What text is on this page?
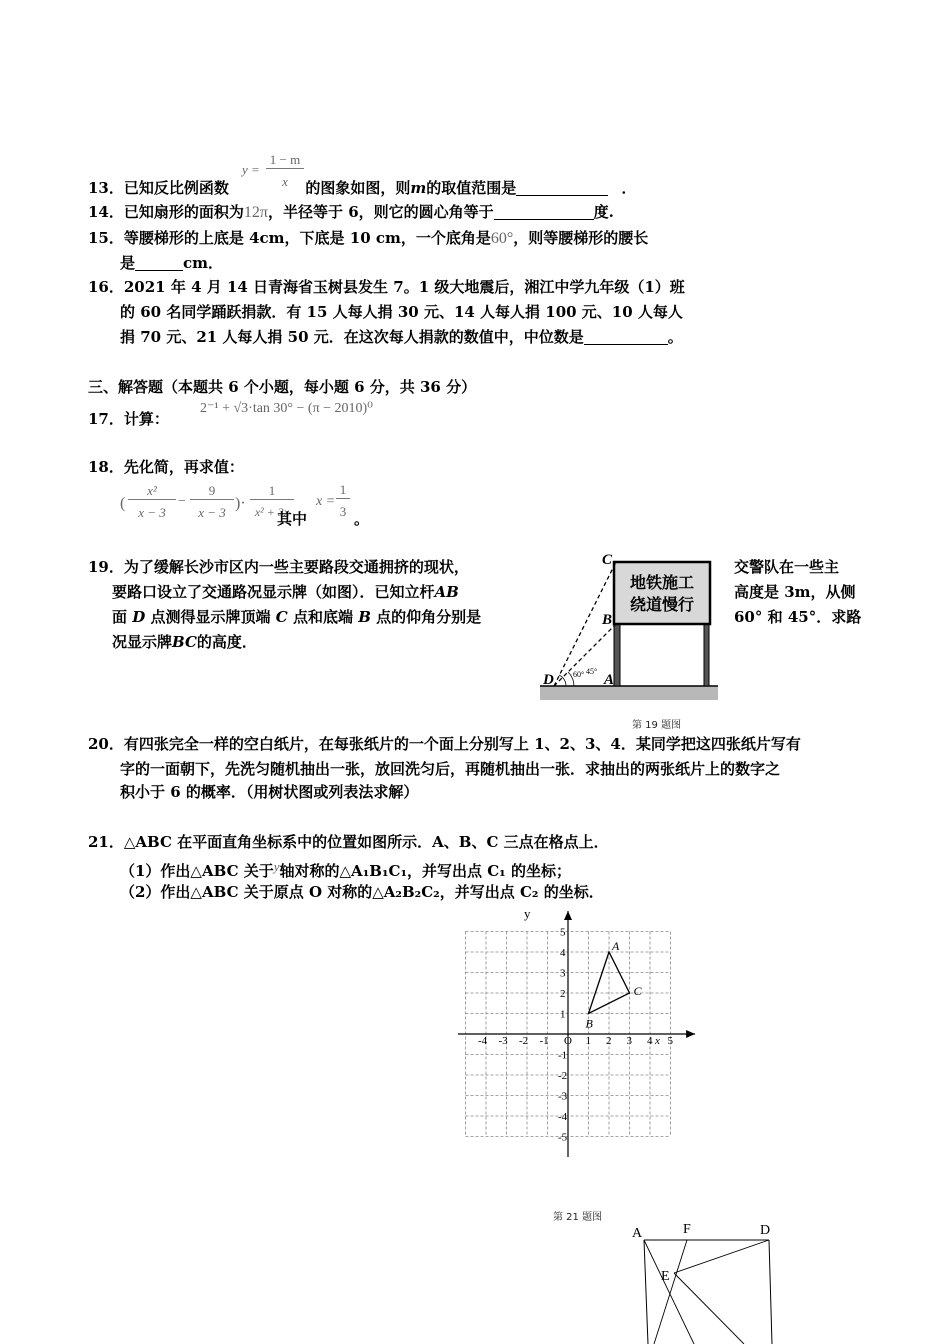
13．已知反比例函数	的图象如图，则m的取值范围是	．
y =
1 − m
x
14．已知扇形的面积为12π，半径等于 6，则它的圆心角等于	度.
15．等腰梯形的上底是 4cm，下底是 10 cm，一个底角是60°，则等腰梯形的腰长
是	cm．
16．2021 年 4 月 14 日青海省玉树县发生 7。1 级大地震后，湘江中学九年级（1）班
的 60 名同学踊跃捐款．有 15 人每人捐 30 元、14 人每人捐 100 元、10 人每人
捐 70 元、21 人每人捐 50 元．在这次每人捐款的数值中，中位数是	。
三、解答题（本题共 6 个小题，每小题 6 分，共 36 分）
17．计算：
2⁻¹ + √3·tan 30° − (π − 2010)⁰
18．先化简，再求值：
(
x²
x − 3
−
9
x − 3
)·
1
x² + 3x
其中
x =
1
3 。
19．为了缓解长沙市区内一些主要路段交通拥挤的现状，	交警队在一些主
要路口设立了交通路况显示牌（如图）．已知立杆AB	高度是 3m，从侧
面 D 点测得显示牌顶端 C 点和底端 B 点的仰角分别是	60° 和 45°．求路
况显示牌BC的高度．
地铁施工
绕道慢行
C
B
D	A
60° 45°
第 19 题图
20．有四张完全一样的空白纸片，在每张纸片的一个面上分别写上 1、2、3、4．某同学把这四张纸片写有
字的一面朝下，先洗匀随机抽出一张，放回洗匀后，再随机抽出一张．求抽出的两张纸片上的数字之
积小于 6 的概率．（用树状图或列表法求解）
21．△ABC 在平面直角坐标系中的位置如图所示．A、B、C 三点在格点上．
（1）作出△ABC 关于y轴对称的△A₁B₁C₁，并写出点 C₁ 的坐标；
（2）作出△ABC 关于原点 O 对称的△A₂B₂C₂，并写出点 C₂ 的坐标．
-4 -3 -2 -1	1 2 3 4 5
5
4
3
2
1
-1
-2
-3
-4
-5
A
B
C
y
O	x
第 21 题图
A	F	D
E
